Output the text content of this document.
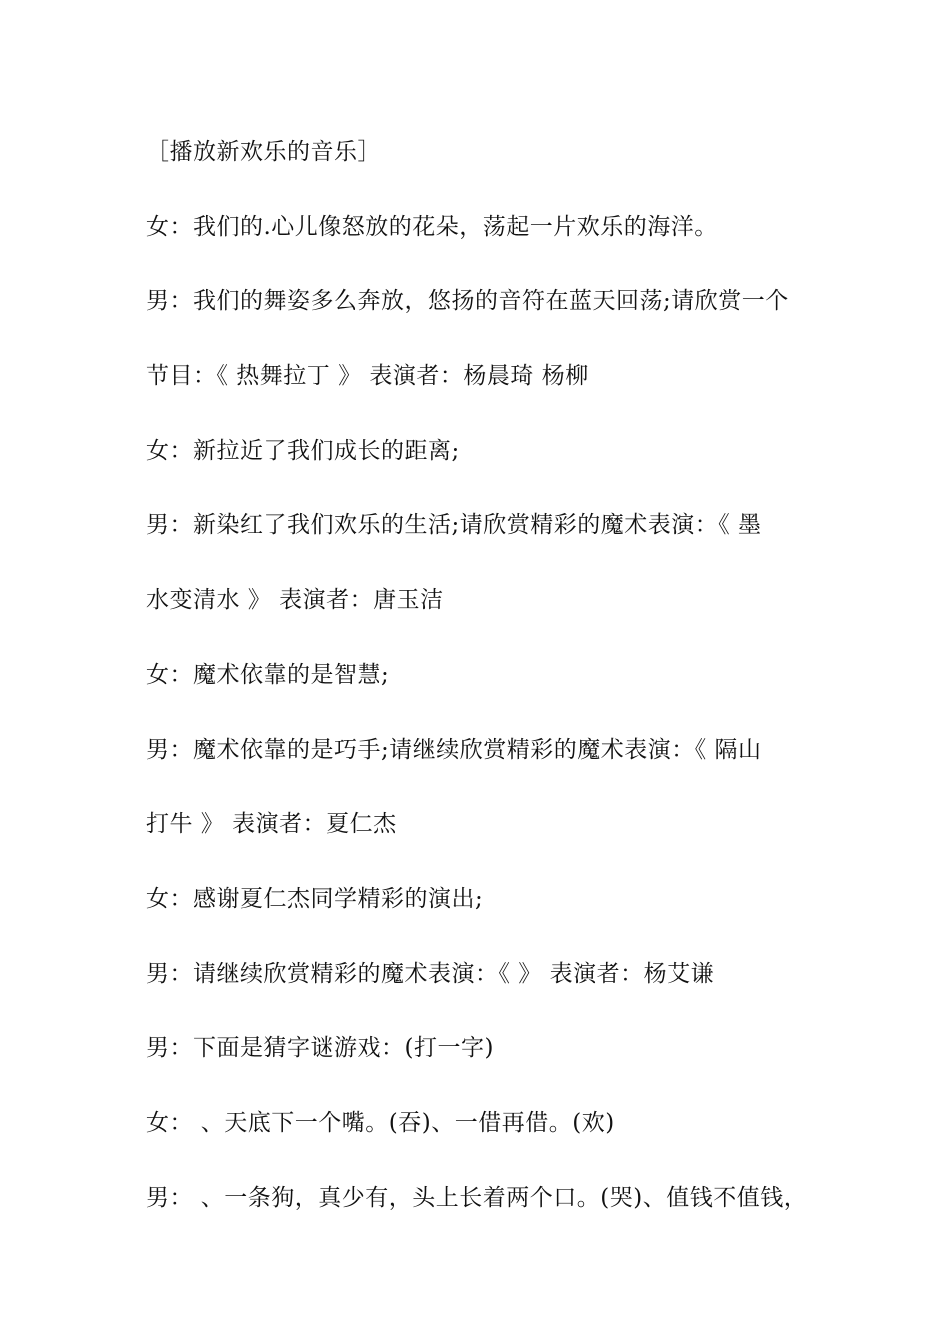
［播放新欢乐的音乐］
女：我们的.心儿像怒放的花朵，荡起一片欢乐的海洋。
男：我们的舞姿多么奔放，悠扬的音符在蓝天回荡;请欣赏一个
节目：《 热舞拉丁 》 表演者：杨晨琦 杨柳
女：新拉近了我们成长的距离;
男：新染红了我们欢乐的生活;请欣赏精彩的魔术表演：《 墨
水变清水 》 表演者：唐玉洁
女：魔术依靠的是智慧;
男：魔术依靠的是巧手;请继续欣赏精彩的魔术表演：《 隔山
打牛 》 表演者：夏仁杰
女：感谢夏仁杰同学精彩的演出;
男：请继续欣赏精彩的魔术表演：《 》 表演者：杨艾谦
男：下面是猜字谜游戏：(打一字)
女： 、天底下一个嘴。(吞)、一借再借。(欢)
男： 、一条狗，真少有，头上长着两个口。(哭)、值钱不值钱，
